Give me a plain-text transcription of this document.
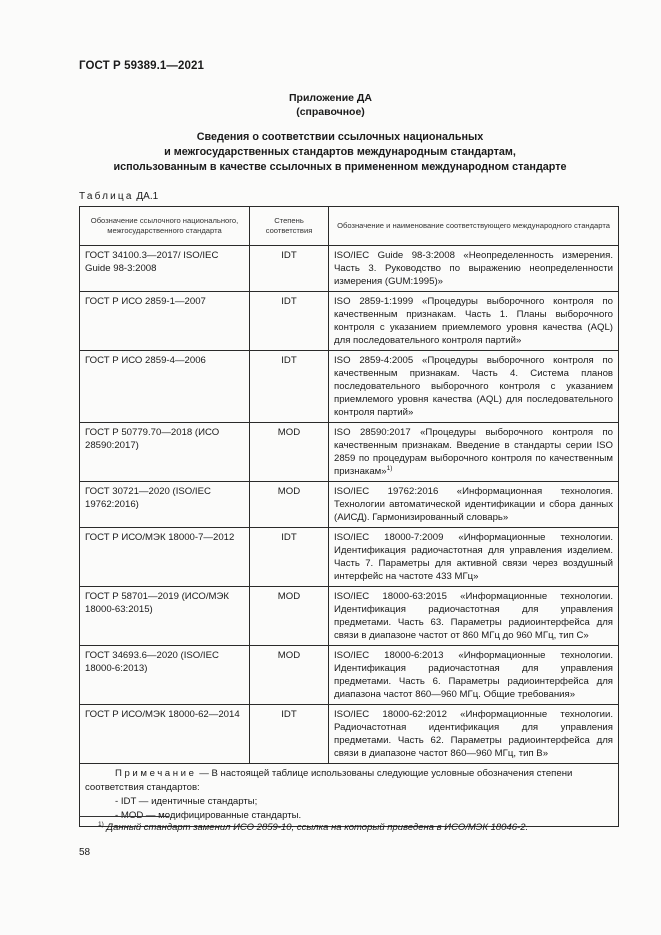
ГОСТ Р 59389.1—2021
Приложение ДА
(справочное)
Сведения о соответствии ссылочных национальных
и межгосударственных стандартов международным стандартам,
использованным в качестве ссылочных в примененном международном стандарте
Таблица ДА.1
Обозначение ссылочного национального, межгосударственного стандарта	Степень соответствия	Обозначение и наименование соответствующего международного стандарта
ГОСТ 34100.3—2017/ ISO/IEC Guide 98-3:2008	IDT	ISO/IEC Guide 98-3:2008 «Неопределенность измерения. Часть 3. Руководство по выражению неопределенности измерения (GUM:1995)»
ГОСТ Р ИСО 2859-1—2007	IDT	ISO 2859-1:1999 «Процедуры выборочного контроля по качественным признакам. Часть 1. Планы выборочного контроля с указанием приемлемого уровня качества (AQL) для последовательного контроля партий»
ГОСТ Р ИСО 2859-4—2006	IDT	ISO 2859-4:2005 «Процедуры выборочного контроля по качественным признакам. Часть 4. Система планов последовательного выборочного контроля с указанием приемлемого уровня качества (AQL) для последовательного контроля партий»
ГОСТ Р 50779.70—2018 (ИСО 28590:2017)	MOD	ISO 28590:2017 «Процедуры выборочного контроля по качественным признакам. Введение в стандарты серии ISO 2859 по процедурам выборочного контроля по качественным признакам»$^{1)}$
ГОСТ 30721—2020 (ISO/IEC 19762:2016)	MOD	ISO/IEC 19762:2016 «Информационная технология. Технологии автоматической идентификации и сбора данных (АИСД). Гармонизированный словарь»
ГОСТ Р ИСО/МЭК 18000-7—2012	IDT	ISO/IEC 18000-7:2009 «Информационные технологии. Идентификация радиочастотная для управления изделием. Часть 7. Параметры для активной связи через воздушный интерфейс на частоте 433 МГц»
ГОСТ Р 58701—2019 (ИСО/МЭК 18000-63:2015)	MOD	ISO/IEC 18000-63:2015 «Информационные технологии. Идентификация радиочастотная для управления предметами. Часть 63. Параметры радиоинтерфейса для связи в диапазоне частот от 860 МГц до 960 МГц, тип С»
ГОСТ 34693.6—2020 (ISO/IEC 18000-6:2013)	MOD	ISO/IEC 18000-6:2013 «Информационные технологии. Идентификация радиочастотная для управления предметами. Часть 6. Параметры радиоинтерфейса для диапазона частот 860—960 МГц. Общие требования»
ГОСТ Р ИСО/МЭК 18000-62—2014	IDT	ISO/IEC 18000-62:2012 «Информационные технологии. Радиочастотная идентификация для управления предметами. Часть 62. Параметры радиоинтерфейса для связи в диапазоне частот 860—960 МГц, тип В»
Примечание — В настоящей таблице использованы следующие условные обозначения степени соответствия стандартов:
- IDT — идентичные стандарты;
- MOD — модифицированные стандарты.		
$^{1)}$ Данный стандарт заменил ИСО 2859-10, ссылка на который приведена в ИСО/МЭК 18046-2.
58
